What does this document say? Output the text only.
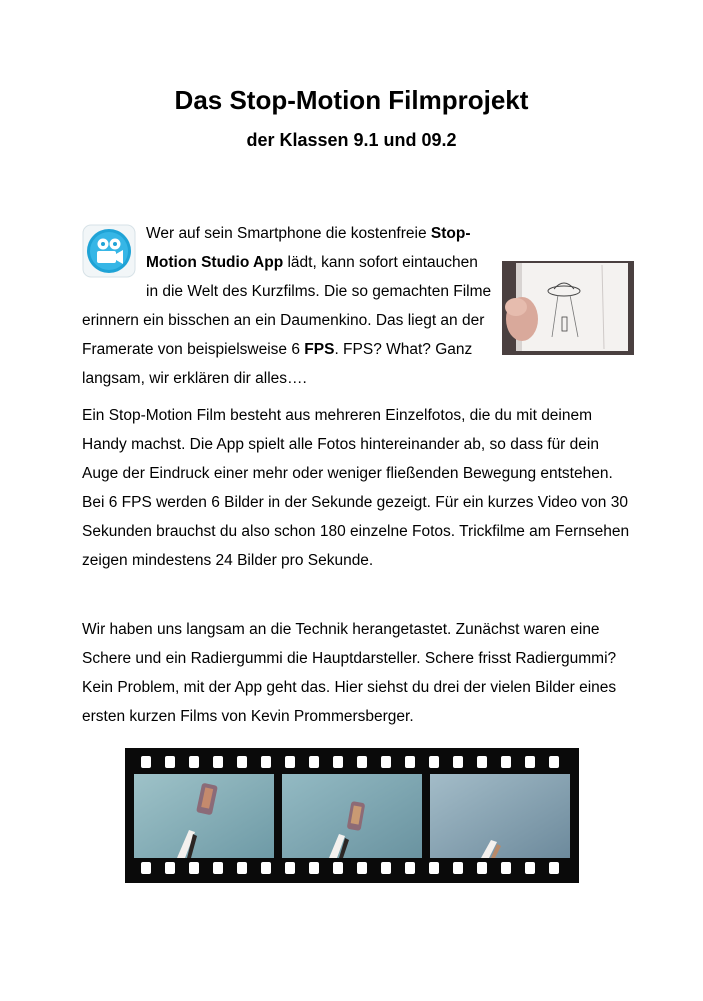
Das Stop-Motion Filmprojekt
der Klassen 9.1 und 09.2
Wer auf sein Smartphone die kostenfreie Stop-Motion Studio App lädt, kann sofort eintauchen in die Welt des Kurzfilms. Die so gemachten Filme erinnern ein bisschen an ein Daumenkino. Das liegt an der Framerate von beispielsweise 6 FPS. FPS? What? Ganz langsam, wir erklären dir alles….

Ein Stop-Motion Film besteht aus mehreren Einzelfotos, die du mit deinem Handy machst. Die App spielt alle Fotos hintereinander ab, so dass für dein Auge der Eindruck einer mehr oder weniger fließenden Bewegung entstehen. Bei 6 FPS werden 6 Bilder in der Sekunde gezeigt. Für ein kurzes Video von 30 Sekunden brauchst du also schon 180 einzelne Fotos. Trickfilme am Fernsehen zeigen mindestens 24 Bilder pro Sekunde.

Wir haben uns langsam an die Technik herangetastet. Zunächst waren eine Schere und ein Radiergummi die Hauptdarsteller. Schere frisst Radiergummi? Kein Problem, mit der App geht das. Hier siehst du drei der vielen Bilder eines ersten kurzen Films von Kevin Prommersberger.
